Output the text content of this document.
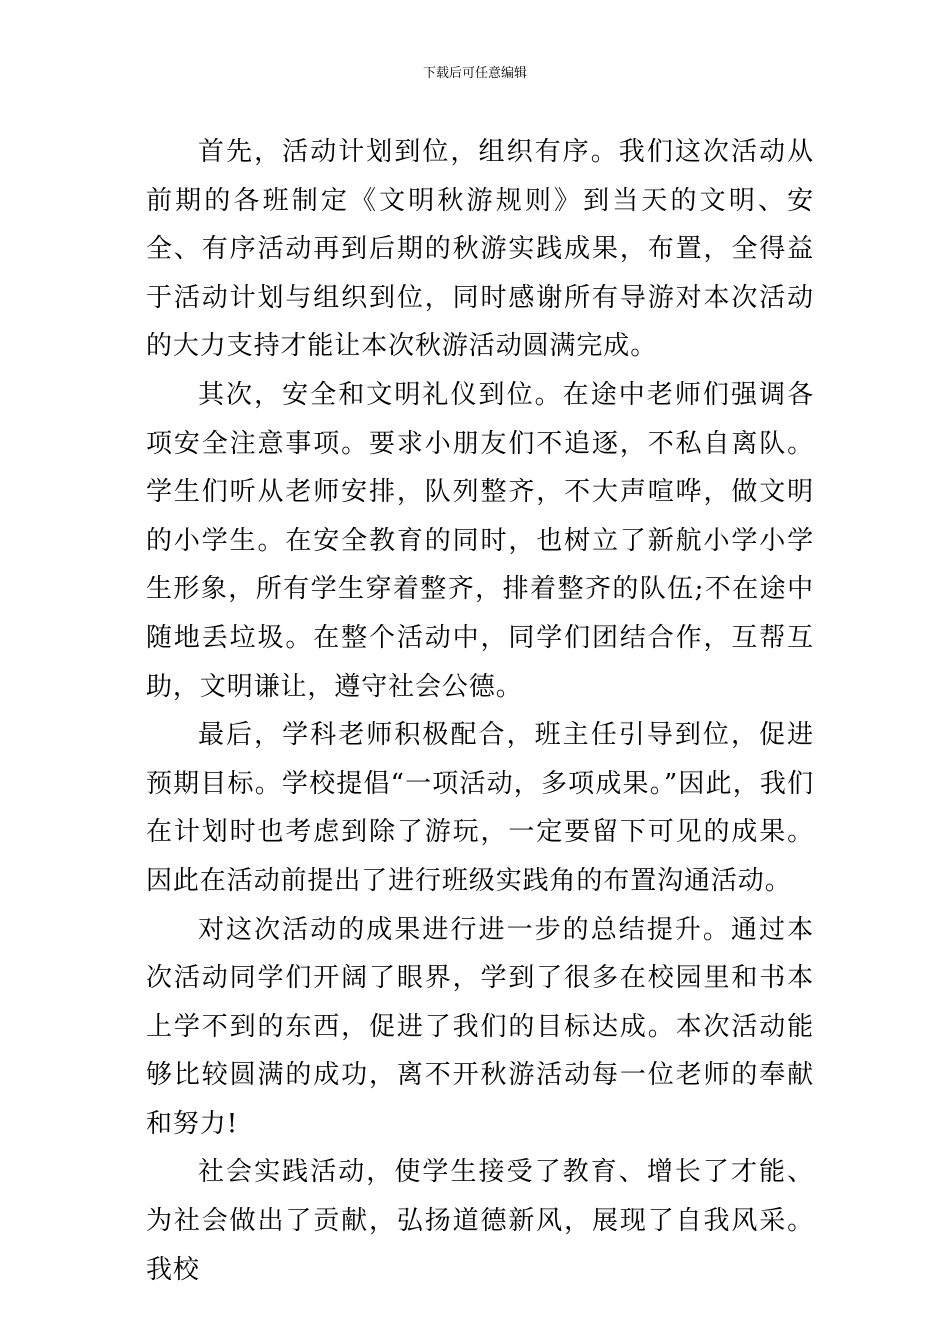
下载后可任意编辑

首先，活动计划到位，组织有序。我们这次活动从前期的各班制定《文明秋游规则》到当天的文明、安全、有序活动再到后期的秋游实践成果，布置，全得益于活动计划与组织到位，同时感谢所有导游对本次活动的大力支持才能让本次秋游活动圆满完成。

其次，安全和文明礼仪到位。在途中老师们强调各项安全注意事项。要求小朋友们不追逐，不私自离队。学生们听从老师安排，队列整齐，不大声喧哗，做文明的小学生。在安全教育的同时，也树立了新航小学小学生形象，所有学生穿着整齐，排着整齐的队伍;不在途中随地丢垃圾。在整个活动中，同学们团结合作，互帮互助，文明谦让，遵守社会公德。

最后，学科老师积极配合，班主任引导到位，促进预期目标。学校提倡“一项活动，多项成果。”因此，我们在计划时也考虑到除了游玩，一定要留下可见的成果。因此在活动前提出了进行班级实践角的布置沟通活动。

对这次活动的成果进行进一步的总结提升。通过本次活动同学们开阔了眼界，学到了很多在校园里和书本上学不到的东西，促进了我们的目标达成。本次活动能够比较圆满的成功，离不开秋游活动每一位老师的奉献和努力!

社会实践活动，使学生接受了教育、增长了才能、为社会做出了贡献，弘扬道德新风，展现了自我风采。我校
